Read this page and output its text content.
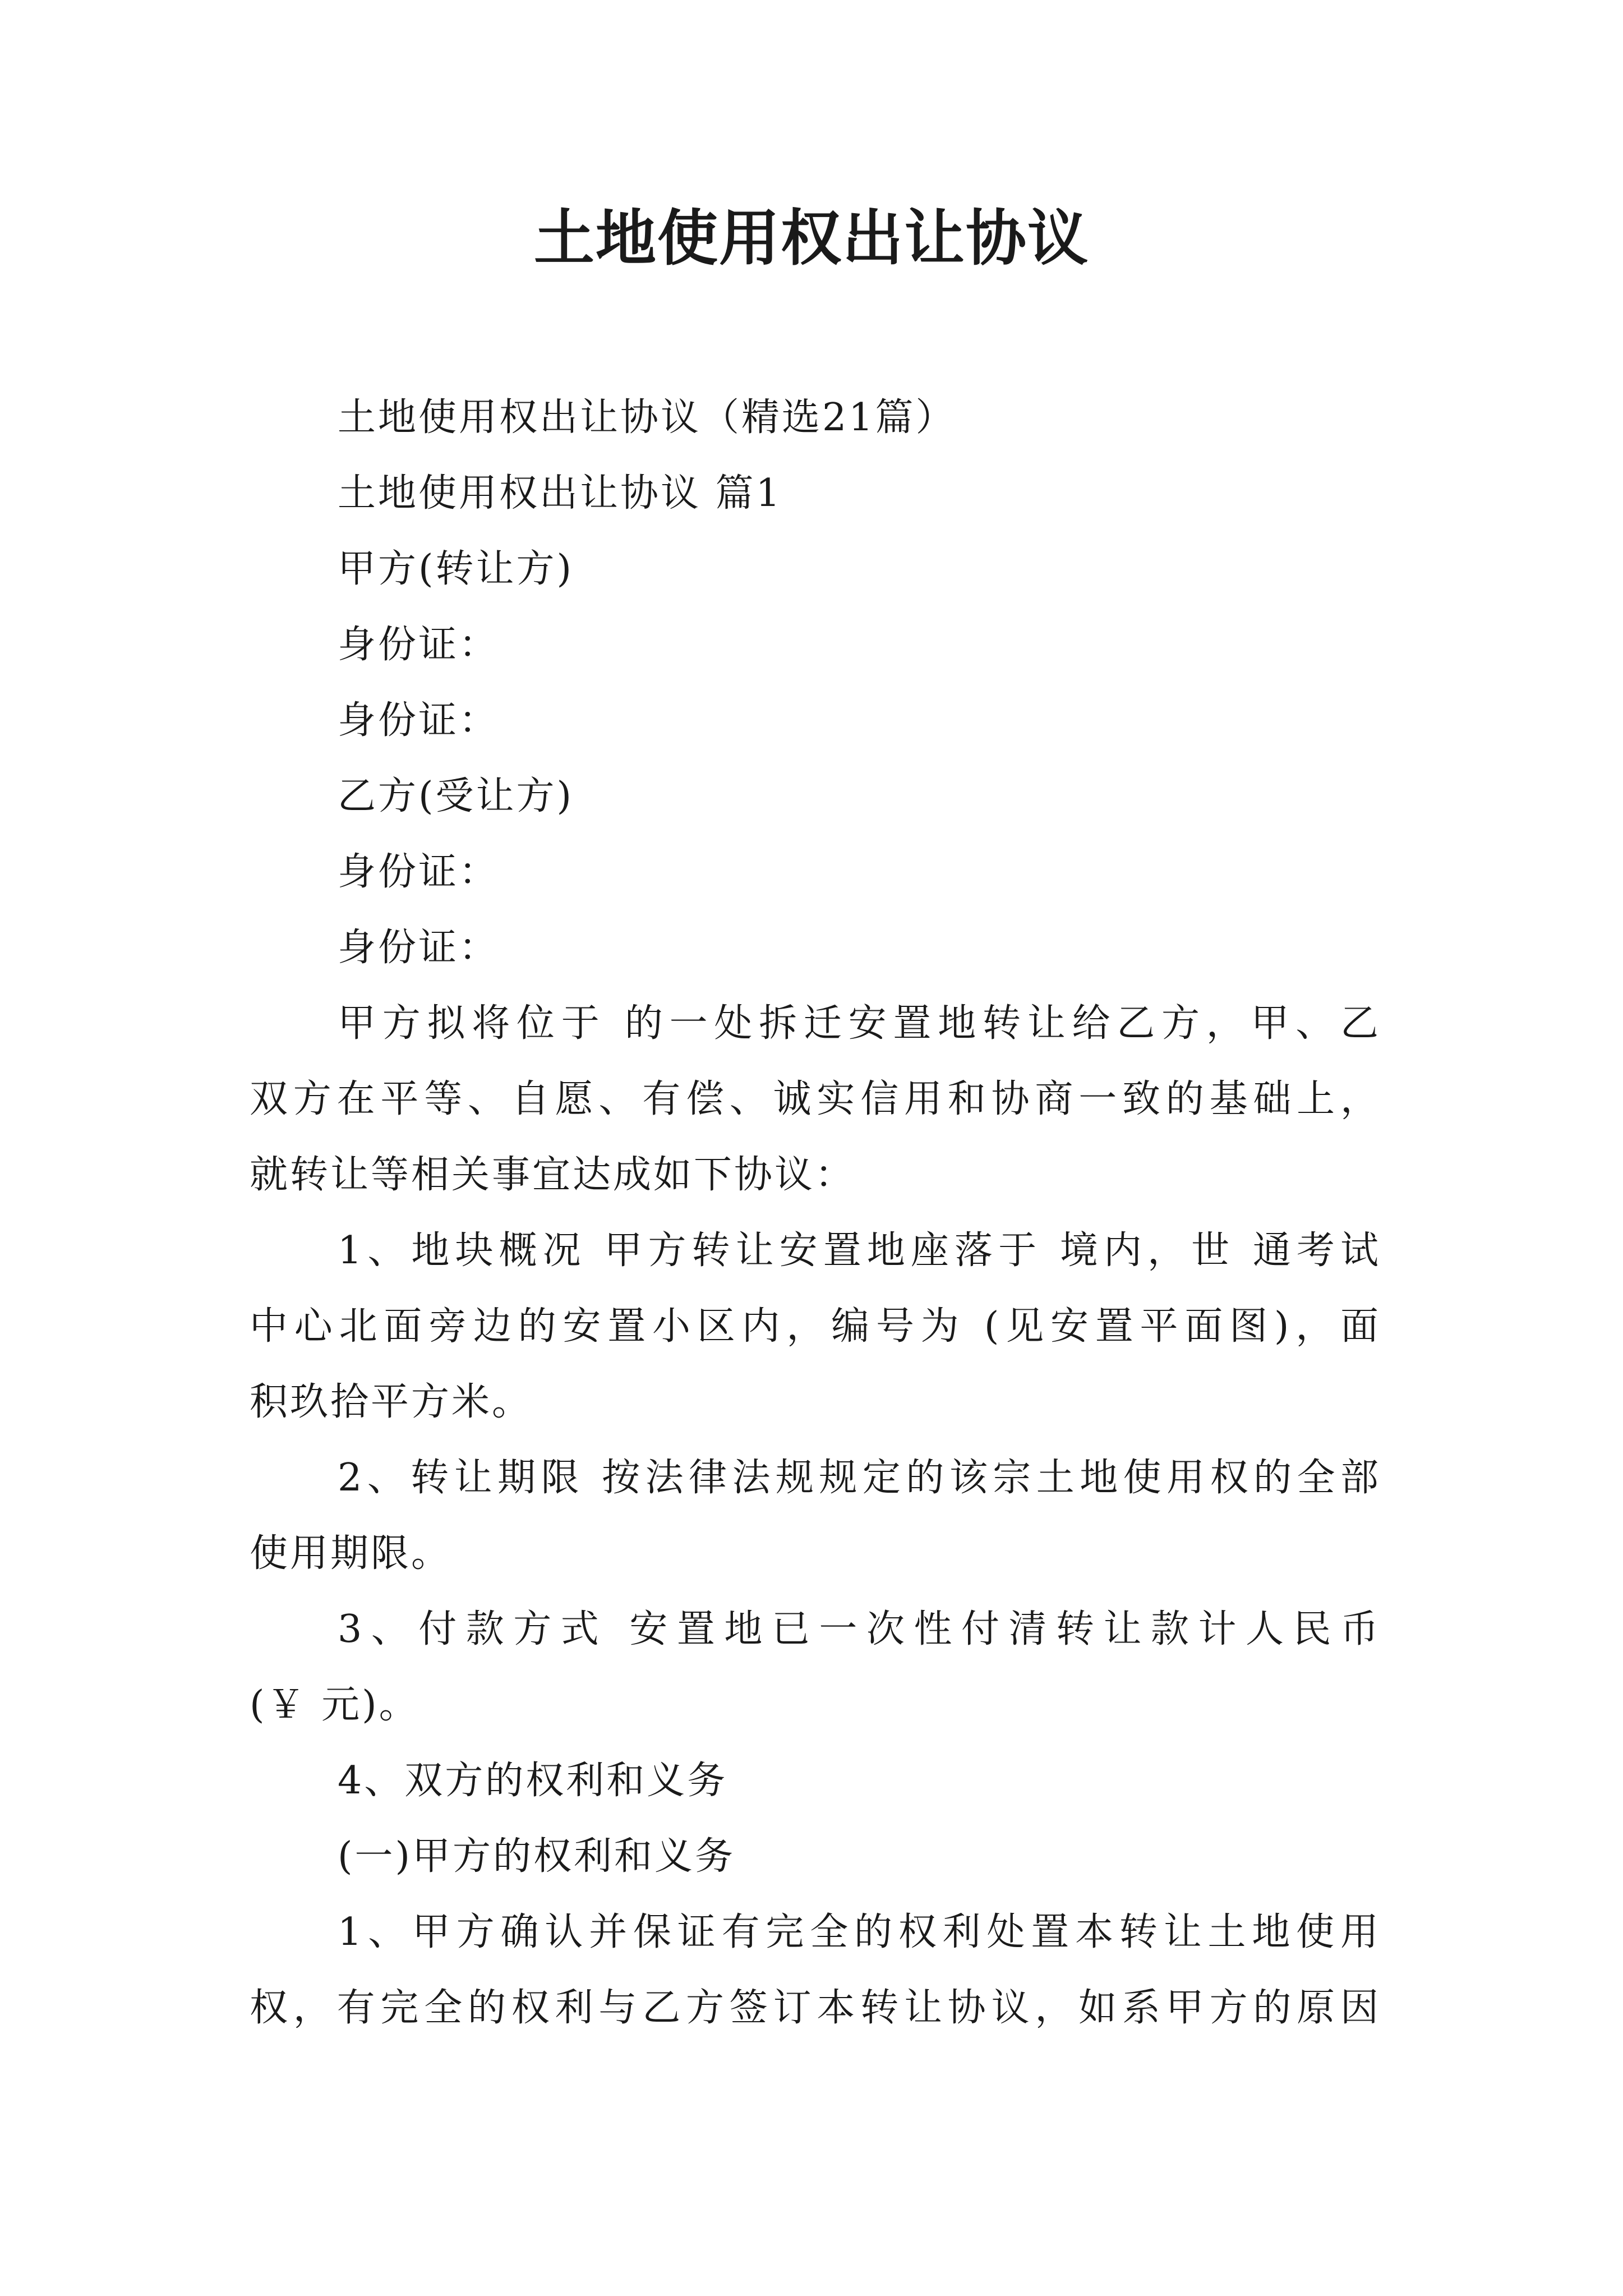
土地使用权出让协议
土地使用权出让协议（精选21篇）
土地使用权出让协议 篇1
甲方(转让方)
身份证：
身份证：
乙方(受让方)
身份证：
身份证：
甲方拟将位于 的一处拆迁安置地转让给乙方，甲、乙
双方在平等、自愿、有偿、诚实信用和协商一致的基础上，
就转让等相关事宜达成如下协议：
1、地块概况 甲方转让安置地座落于 境内，世 通考试
中心北面旁边的安置小区内，编号为 (见安置平面图)，面
积玖拾平方米。
2、转让期限 按法律法规规定的该宗土地使用权的全部
使用期限。
3、付款方式 安置地已一次性付清转让款计人民币
(￥ 元)。
4、双方的权利和义务
(一)甲方的权利和义务
1、甲方确认并保证有完全的权利处置本转让土地使用
权，有完全的权利与乙方签订本转让协议，如系甲方的原因
